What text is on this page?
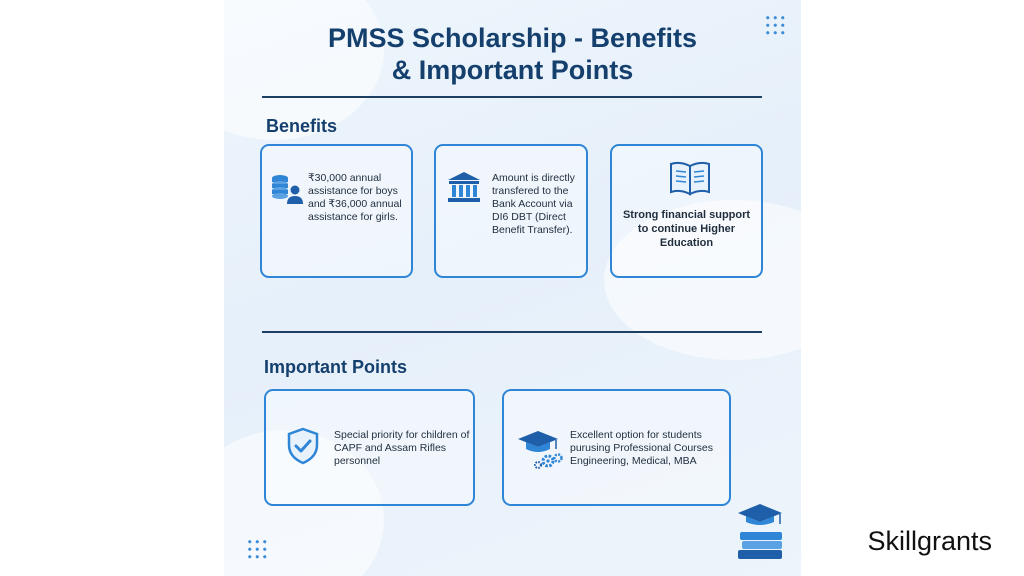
PMSS Scholarship - Benefits
& Important Points
Benefits
₹30,000 annual assistance for boys and ₹36,000 annual assistance for girls.
Amount is directly transfered to the Bank Account via DI6 DBT (Direct Benefit Transfer).
Strong financial support to continue Higher Education
Important Points
Special priority for children of CAPF and Assam Rifles personnel
Excellent option for students purusing Professional Courses Engineering, Medical, MBA
Skillgrants
